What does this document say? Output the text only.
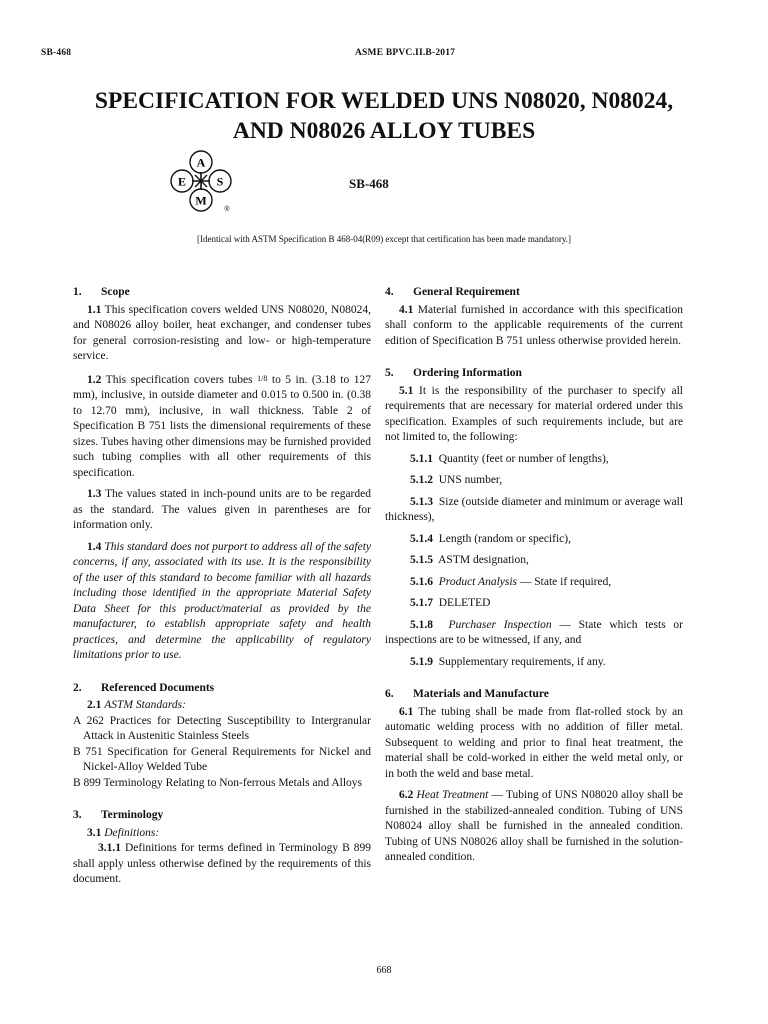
SB-468	ASME BPVC.II.B-2017
SPECIFICATION FOR WELDED UNS N08020, N08024,
AND N08026 ALLOY TUBES
A
E	S
M
®
SB-468
[Identical with ASTM Specification B 468-04(R09) except that certification has been made mandatory.]

1. Scope

1.1 This specification covers welded UNS N08020, N08024, and N08026 alloy boiler, heat exchanger, and condenser tubes for general corrosion-resisting and low- or high-temperature service.

1.2 This specification covers tubes 1/8 to 5 in. (3.18 to 127 mm), inclusive, in outside diameter and 0.015 to 0.500 in. (0.38 to 12.70 mm), inclusive, in wall thickness. Table 2 of Specification B 751 lists the dimensional requirements of these sizes. Tubes having other dimensions may be furnished provided such tubing complies with all other requirements of this specification.

1.3 The values stated in inch-pound units are to be regarded as the standard. The values given in parentheses are for information only.

1.4 This standard does not purport to address all of the safety concerns, if any, associated with its use. It is the responsibility of the user of this standard to become familiar with all hazards including those identified in the appropriate Material Safety Data Sheet for this product/material as provided by the manufacturer, to establish appropriate safety and health practices, and determine the applicability of regulatory limitations prior to use.

2. Referenced Documents

2.1 ASTM Standards:

A 262 Practices for Detecting Susceptibility to Intergranular Attack in Austenitic Stainless Steels

B 751 Specification for General Requirements for Nickel and Nickel-Alloy Welded Tube

B 899 Terminology Relating to Non-ferrous Metals and Alloys

3. Terminology

3.1 Definitions:

3.1.1 Definitions for terms defined in Terminology B 899 shall apply unless otherwise defined by the requirements of this document.

4. General Requirement

4.1 Material furnished in accordance with this specification shall conform to the applicable requirements of the current edition of Specification B 751 unless otherwise provided herein.

5. Ordering Information

5.1 It is the responsibility of the purchaser to specify all requirements that are necessary for material ordered under this specification. Examples of such requirements include, but are not limited to, the following:

5.1.1 Quantity (feet or number of lengths),

5.1.2 UNS number,

5.1.3 Size (outside diameter and minimum or average wall thickness),

5.1.4 Length (random or specific),

5.1.5 ASTM designation,

5.1.6 Product Analysis — State if required,

5.1.7 DELETED

5.1.8 Purchaser Inspection — State which tests or inspections are to be witnessed, if any, and

5.1.9 Supplementary requirements, if any.

6. Materials and Manufacture

6.1 The tubing shall be made from flat-rolled stock by an automatic welding process with no addition of filler metal. Subsequent to welding and prior to final heat treatment, the material shall be cold-worked in either the weld metal only, or in both the weld and base metal.

6.2 Heat Treatment — Tubing of UNS N08020 alloy shall be furnished in the stabilized-annealed condition. Tubing of UNS N08024 alloy shall be furnished in the annealed condition. Tubing of UNS N08026 alloy shall be furnished in the solution-annealed condition.

668
